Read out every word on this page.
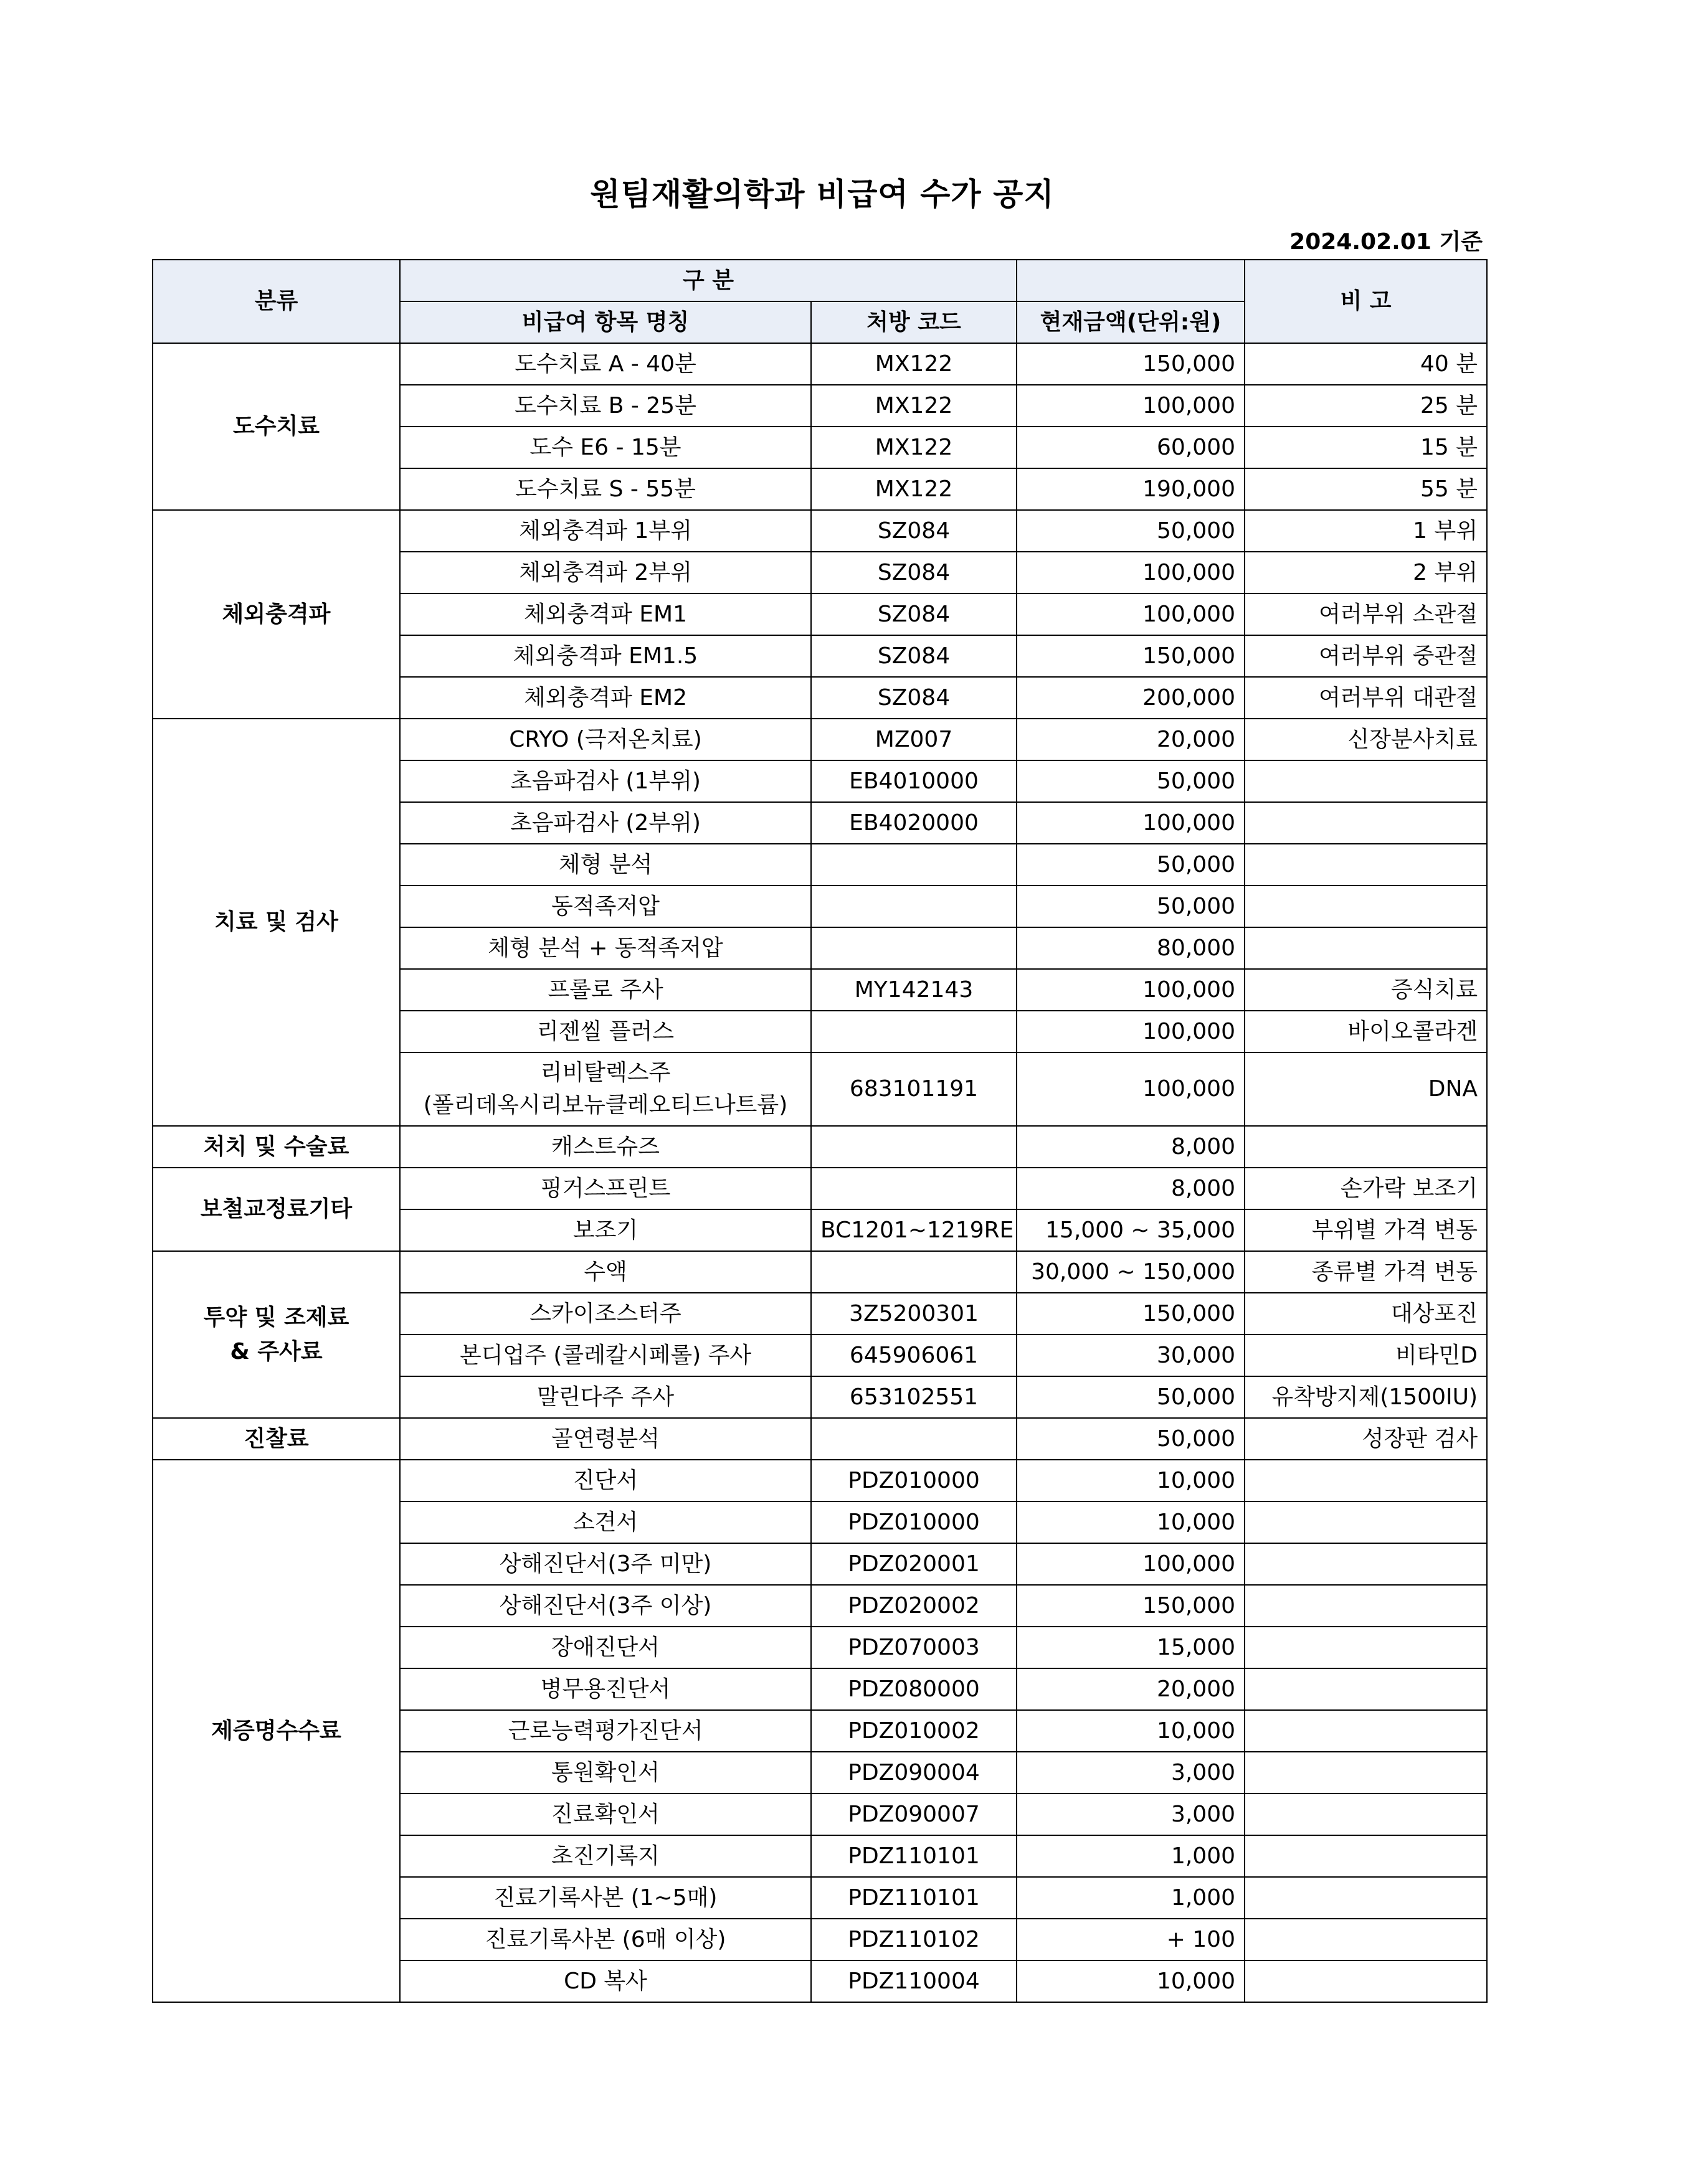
원팀재활의학과 비급여 수가 공지
2024.02.01 기준
분류	구 분			비 고
	비급여 항목 명칭	처방 코드	현재금액(단위:원)	

도수치료	도수치료 A - 40분	MX122	150,000	40 분

	도수치료 B - 25분	MX122	100,000	25 분

	도수 E6 - 15분	MX122	60,000	15 분

	도수치료 S - 55분	MX122	190,000	55 분

체외충격파	체외충격파 1부위	SZ084	50,000	1 부위

	체외충격파 2부위	SZ084	100,000	2 부위

	체외충격파 EM1	SZ084	100,000	여러부위 소관절

	체외충격파 EM1.5	SZ084	150,000	여러부위 중관절

	체외충격파 EM2	SZ084	200,000	여러부위 대관절

치료 및 검사	CRYO (극저온치료)	MZ007	20,000	신장분사치료

	초음파검사 (1부위)	EB4010000	50,000	

	초음파검사 (2부위)	EB4020000	100,000	

	체형 분석		50,000	

	동적족저압		50,000	

	체형 분석 + 동적족저압		80,000	

	프롤로 주사	MY142143	100,000	증식치료

	리젠씰 플러스		100,000	바이오콜라겐

	리비탈렉스주
(폴리데옥시리보뉴클레오티드나트륨)	683101191	100,000	DNA

처치 및 수술료	캐스트슈즈		8,000	

보철교정료기타	핑거스프린트		8,000	손가락 보조기

	보조기	BC1201~1219RE	15,000 ~ 35,000	부위별 가격 변동

투약 및 조제료
& 주사료	수액		30,000 ~ 150,000	종류별 가격 변동

	스카이조스터주	3Z5200301	150,000	대상포진

	본디업주 (콜레칼시페롤) 주사	645906061	30,000	비타민D

	말린다주 주사	653102551	50,000	유착방지제(1500IU)

진찰료	골연령분석		50,000	성장판 검사

제증명수수료	진단서	PDZ010000	10,000	

	소견서	PDZ010000	10,000	

	상해진단서(3주 미만)	PDZ020001	100,000	

	상해진단서(3주 이상)	PDZ020002	150,000	

	장애진단서	PDZ070003	15,000	

	병무용진단서	PDZ080000	20,000	

	근로능력평가진단서	PDZ010002	10,000	

	통원확인서	PDZ090004	3,000	

	진료확인서	PDZ090007	3,000	

	초진기록지	PDZ110101	1,000	

	진료기록사본 (1~5매)	PDZ110101	1,000	

	진료기록사본 (6매 이상)	PDZ110102	+ 100	

	CD 복사	PDZ110004	10,000	
